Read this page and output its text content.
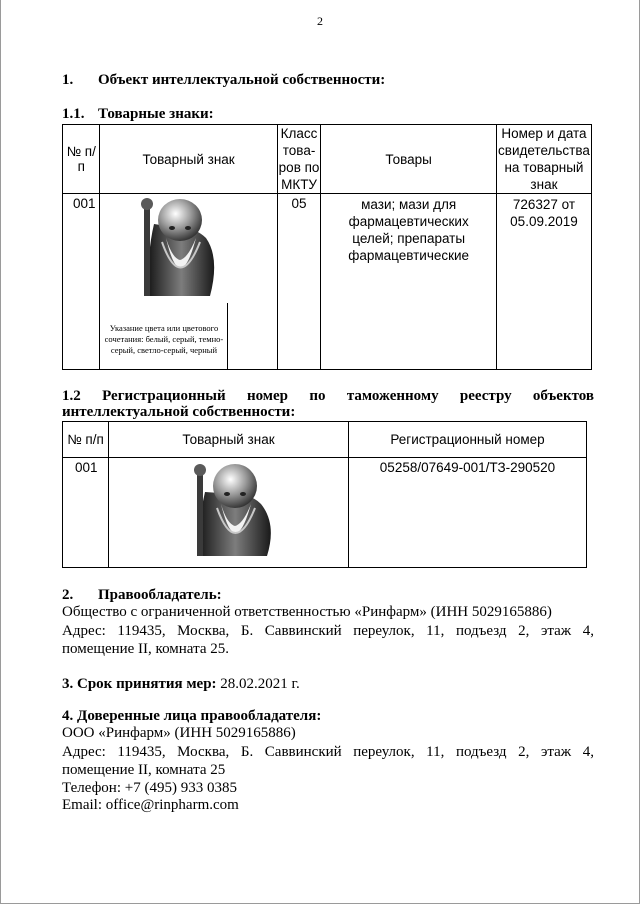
2
1. Объект интеллектуальной собственности:
1.1. Товарные знаки:
№ п/п	Товарный знак	Класс това- ров по МКТУ	Товары	Номер и дата свидетельства на товарный знак
001	Указание цвета или цветового сочетания: белый, серый, темно-серый, светло-серый, черный	05	мази; мази для фармацевтических целей; препараты фармацевтические	726327 от 05.09.2019
1.2 Регистрационный номер по таможенному реестру объектов
интеллектуальной собственности:
№ п/п	Товарный знак	Регистрационный номер
001		05258/07649-001/ТЗ-290520
2. Правообладатель:
Общество с ограниченной ответственностью «Ринфарм» (ИНН 5029165886)
Адрес: 119435, Москва, Б. Саввинский переулок, 11, подъезд 2, этаж 4,
помещение II, комната 25.
3. Срок принятия мер: 28.02.2021 г.
4. Доверенные лица правообладателя:
ООО «Ринфарм» (ИНН 5029165886)
Адрес: 119435, Москва, Б. Саввинский переулок, 11, подъезд 2, этаж 4,
помещение II, комната 25
Телефон: +7 (495) 933 0385
Email: office@rinpharm.com
